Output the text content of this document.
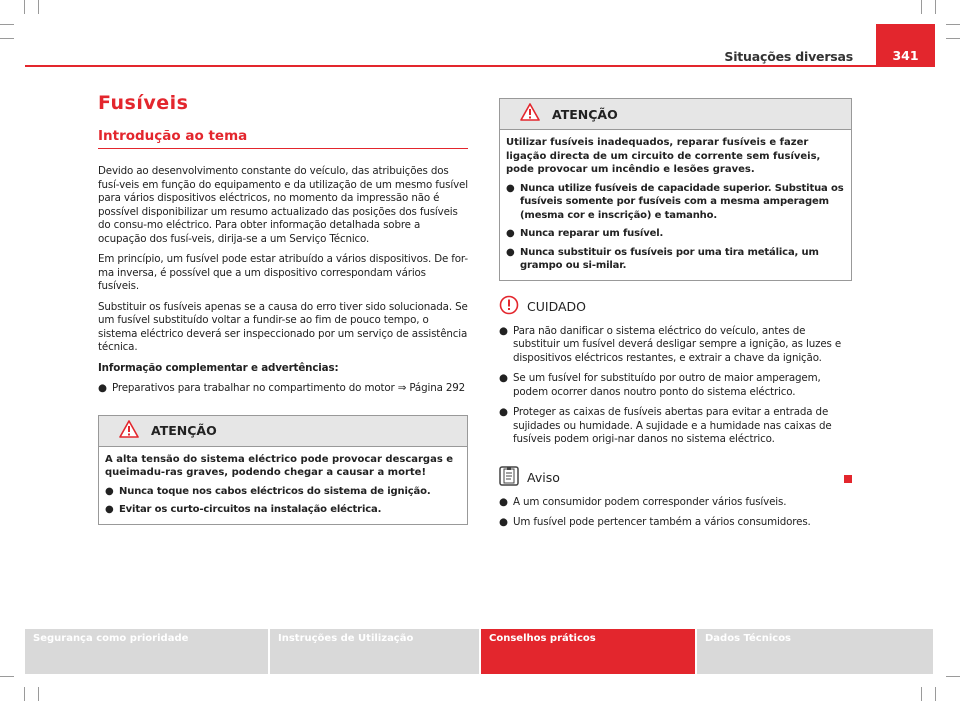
Situações diversas	341
Fusíveis
Introdução ao tema

Devido ao desenvolvimento constante do veículo, das atribuições dos fusí-veis em função do equipamento e da utilização de um mesmo fusível para vários dispositivos eléctricos, no momento da impressão não é possível disponibilizar um resumo actualizado das posições dos fusíveis do consu-mo eléctrico. Para obter informação detalhada sobre a ocupação dos fusí-veis, dirija-se a um Serviço Técnico.

Em princípio, um fusível pode estar atribuído a vários dispositivos. De for-ma inversa, é possível que a um dispositivo correspondam vários fusíveis.

Substituir os fusíveis apenas se a causa do erro tiver sido solucionada. Se um fusível substituído voltar a fundir-se ao fim de pouco tempo, o sistema eléctrico deverá ser inspeccionado por um serviço de assistência técnica.

Informação complementar e advertências:

● Preparativos para trabalhar no compartimento do motor ⇒ Página 292
ATENÇÃO

A alta tensão do sistema eléctrico pode provocar descargas e queimadu-ras graves, podendo chegar a causar a morte!

● Nunca toque nos cabos eléctricos do sistema de ignição.
● Evitar os curto-circuitos na instalação eléctrica.
ATENÇÃO

Utilizar fusíveis inadequados, reparar fusíveis e fazer ligação directa de um circuito de corrente sem fusíveis, pode provocar um incêndio e lesões graves.

● Nunca utilize fusíveis de capacidade superior. Substitua os fusíveis somente por fusíveis com a mesma amperagem (mesma cor e inscrição) e tamanho.
● Nunca reparar um fusível.
● Nunca substituir os fusíveis por uma tira metálica, um grampo ou si-milar.
CUIDADO
● Para não danificar o sistema eléctrico do veículo, antes de substituir um fusível deverá desligar sempre a ignição, as luzes e dispositivos eléctricos restantes, e extrair a chave da ignição.
● Se um fusível for substituído por outro de maior amperagem, podem ocorrer danos noutro ponto do sistema eléctrico.
● Proteger as caixas de fusíveis abertas para evitar a entrada de sujidades ou humidade. A sujidade e a humidade nas caixas de fusíveis podem origi-nar danos no sistema eléctrico.
Aviso
● A um consumidor podem corresponder vários fusíveis.
● Um fusível pode pertencer também a vários consumidores.
Segurança como prioridade	Instruções de Utilização	Conselhos práticos	Dados Técnicos
